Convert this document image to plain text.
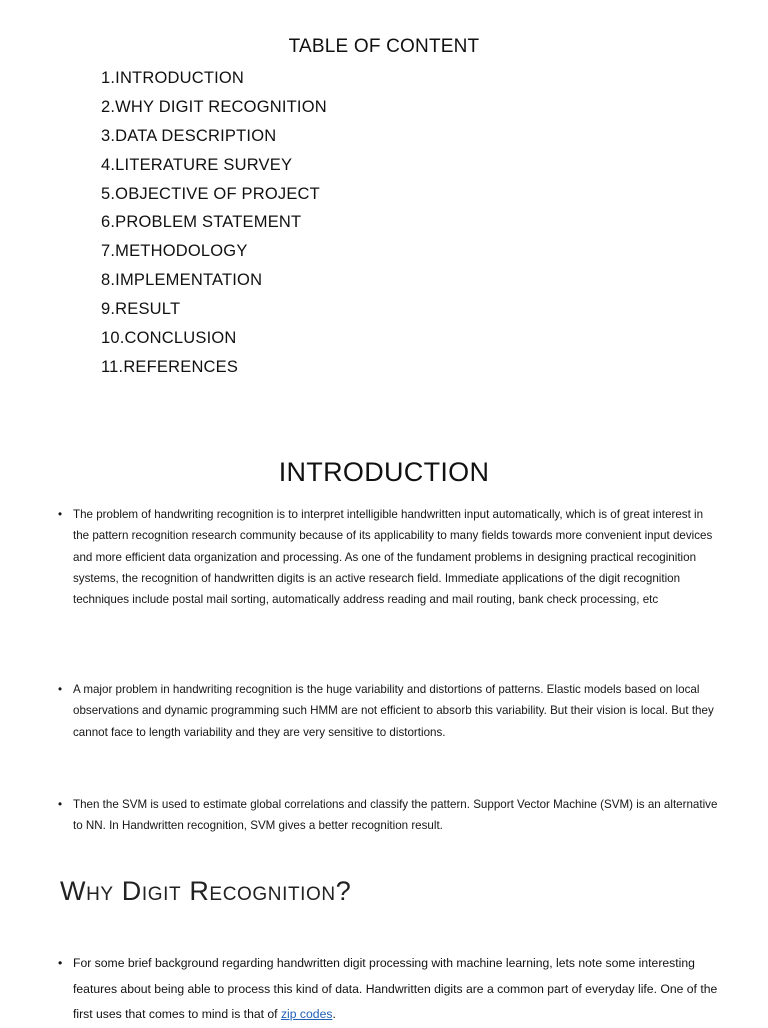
TABLE OF CONTENT
1.INTRODUCTION
2.WHY DIGIT RECOGNITION
3.DATA DESCRIPTION
4.LITERATURE SURVEY
5.OBJECTIVE OF PROJECT
6.PROBLEM STATEMENT
7.METHODOLOGY
8.IMPLEMENTATION
9.RESULT
10.CONCLUSION
11.REFERENCES
INTRODUCTION
• The problem of handwriting recognition is to interpret intelligible handwritten input automatically, which is of great interest in the pattern recognition research community because of its applicability to many fields towards more convenient input devices and more efficient data organization and processing. As one of the fundament problems in designing practical recoginition systems, the recognition of handwritten digits is an active research field. Immediate applications of the digit recognition techniques include postal mail sorting, automatically address reading and mail routing, bank check processing, etc
• A major problem in handwriting recognition is the huge variability and distortions of patterns. Elastic models based on local observations and dynamic programming such HMM are not efficient to absorb this variability. But their vision is local. But they cannot face to length variability and they are very sensitive to distortions.
• Then the SVM is used to estimate global correlations and classify the pattern. Support Vector Machine (SVM) is an alternative to NN. In Handwritten recognition, SVM gives a better recognition result.
Why Digit Recognition?
• For some brief background regarding handwritten digit processing with machine learning, lets note some interesting features about being able to process this kind of data. Handwritten digits are a common part of everyday life. One of the first uses that comes to mind is that of zip codes.
